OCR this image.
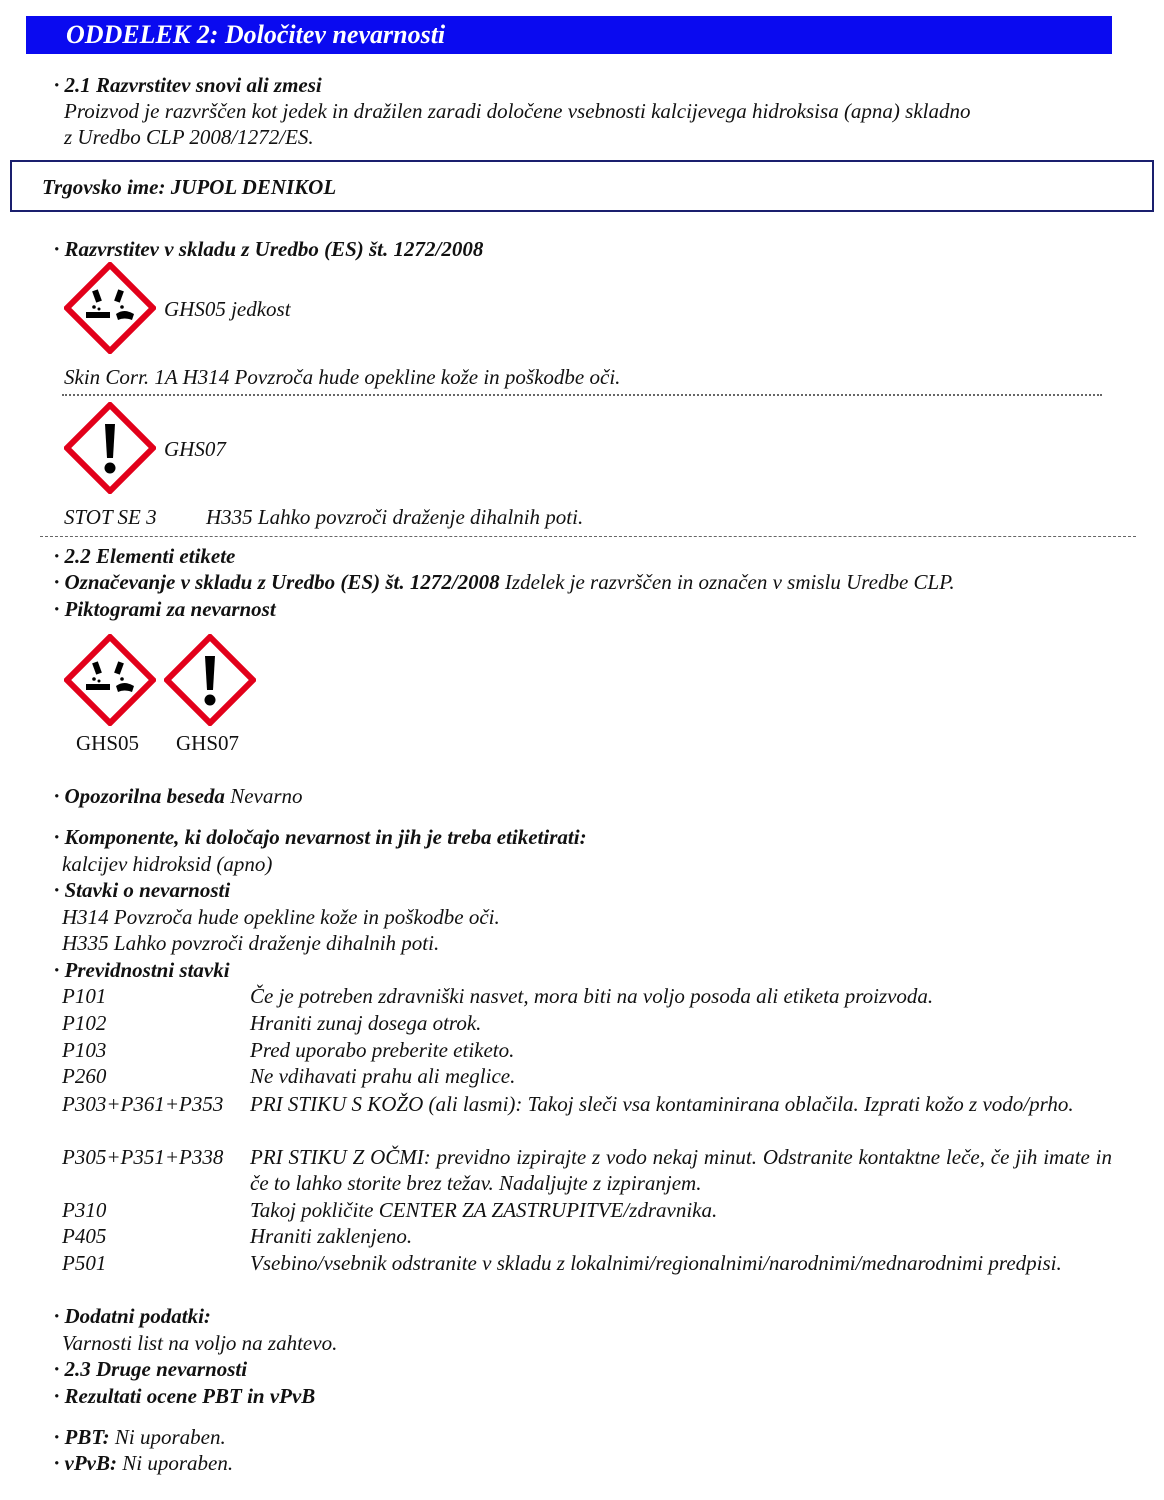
ODDELEK 2: Določitev nevarnosti
· 2.1 Razvrstitev snovi ali zmesi
Proizvod je razvrščen kot jedek in dražilen zaradi določene vsebnosti kalcijevega hidroksisa (apna) skladno
z Uredbo CLP 2008/1272/ES.
Trgovsko ime: JUPOL DENIKOL
· Razvrstitev v skladu z Uredbo (ES) št. 1272/2008
GHS05 jedkost
Skin Corr. 1A H314 Povzroča hude opekline kože in poškodbe oči.
GHS07
STOT SE 3 H335 Lahko povzroči draženje dihalnih poti.
· 2.2 Elementi etikete
· Označevanje v skladu z Uredbo (ES) št. 1272/2008 Izdelek je razvrščen in označen v smislu Uredbe CLP.
· Piktogrami za nevarnost
GHS05 GHS07
· Opozorilna beseda Nevarno
· Komponente, ki določajo nevarnost in jih je treba etiketirati:
kalcijev hidroksid (apno)
· Stavki o nevarnosti
H314 Povzroča hude opekline kože in poškodbe oči.
H335 Lahko povzroči draženje dihalnih poti.
· Previdnostni stavki
P101	Če je potreben zdravniški nasvet, mora biti na voljo posoda ali etiketa proizvoda.
P102	Hraniti zunaj dosega otrok.
P103	Pred uporabo preberite etiketo.
P260	Ne vdihavati prahu ali meglice.
P303+P361+P353 PRI STIKU S KOŽO (ali lasmi): Takoj sleči vsa kontaminirana oblačila. Izprati kožo z vodo/prho.
P305+P351+P338 PRI STIKU Z OČMI: previdno izpirajte z vodo nekaj minut. Odstranite kontaktne leče, če jih imate in če to lahko storite brez težav. Nadaljujte z izpiranjem.
P310	Takoj pokličite CENTER ZA ZASTRUPITVE/zdravnika.
P405	Hraniti zaklenjeno.
P501	Vsebino/vsebnik odstranite v skladu z lokalnimi/regionalnimi/narodnimi/mednarodnimi predpisi.
· Dodatni podatki:
Varnosti list na voljo na zahtevo.
· 2.3 Druge nevarnosti
· Rezultati ocene PBT in vPvB
· PBT: Ni uporaben.
· vPvB: Ni uporaben.
